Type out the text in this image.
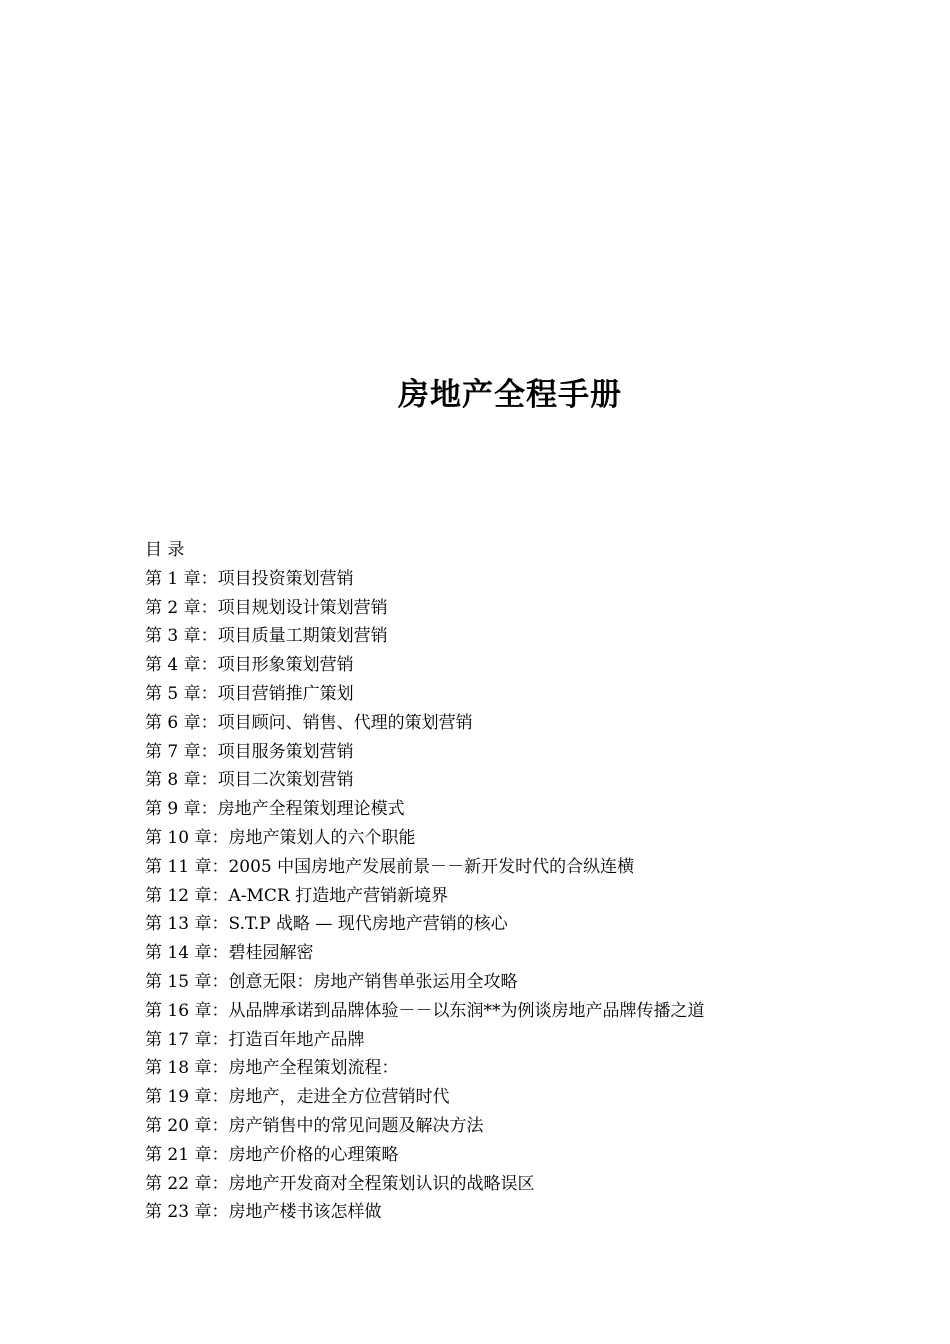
房地产全程手册
目 录
第 1 章：项目投资策划营销
第 2 章：项目规划设计策划营销
第 3 章：项目质量工期策划营销
第 4 章：项目形象策划营销
第 5 章：项目营销推广策划
第 6 章：项目顾问、销售、代理的策划营销
第 7 章：项目服务策划营销
第 8 章：项目二次策划营销
第 9 章：房地产全程策划理论模式
第 10 章：房地产策划人的六个职能
第 11 章：2005 中国房地产发展前景－－新开发时代的合纵连横
第 12 章：A-MCR 打造地产营销新境界
第 13 章：S.T.P 战略 — 现代房地产营销的核心
第 14 章：碧桂园解密
第 15 章：创意无限：房地产销售单张运用全攻略
第 16 章：从品牌承诺到品牌体验－－以东润**为例谈房地产品牌传播之道
第 17 章：打造百年地产品牌
第 18 章：房地产全程策划流程：
第 19 章：房地产，走进全方位营销时代
第 20 章：房产销售中的常见问题及解决方法
第 21 章：房地产价格的心理策略
第 22 章：房地产开发商对全程策划认识的战略误区
第 23 章：房地产楼书该怎样做
